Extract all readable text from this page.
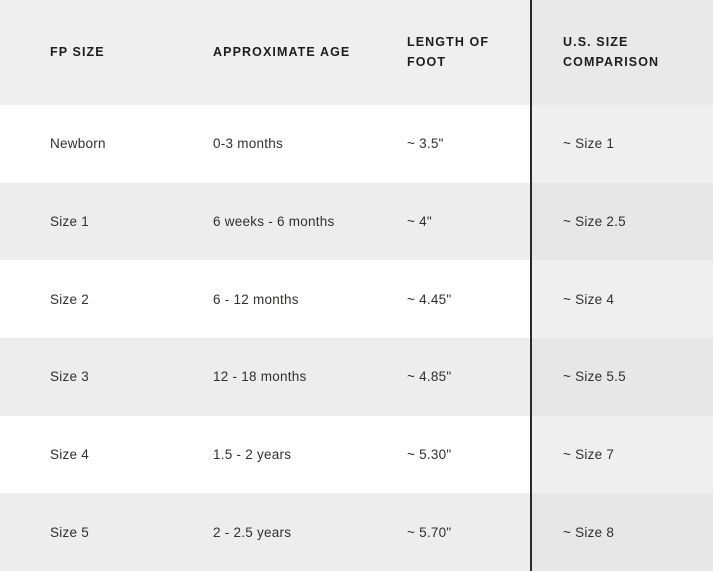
FP SIZE	APPROXIMATE AGE	LENGTH OF FOOT	U.S. SIZE COMPARISON

Newborn	0-3 months	~ 3.5"	~ Size 1
Size 1	6 weeks - 6 months	~ 4"	~ Size 2.5
Size 2	6 - 12 months	~ 4.45"	~ Size 4
Size 3	12 - 18 months	~ 4.85"	~ Size 5.5
Size 4	1.5 - 2 years	~ 5.30"	~ Size 7
Size 5	2 - 2.5 years	~ 5.70"	~ Size 8
